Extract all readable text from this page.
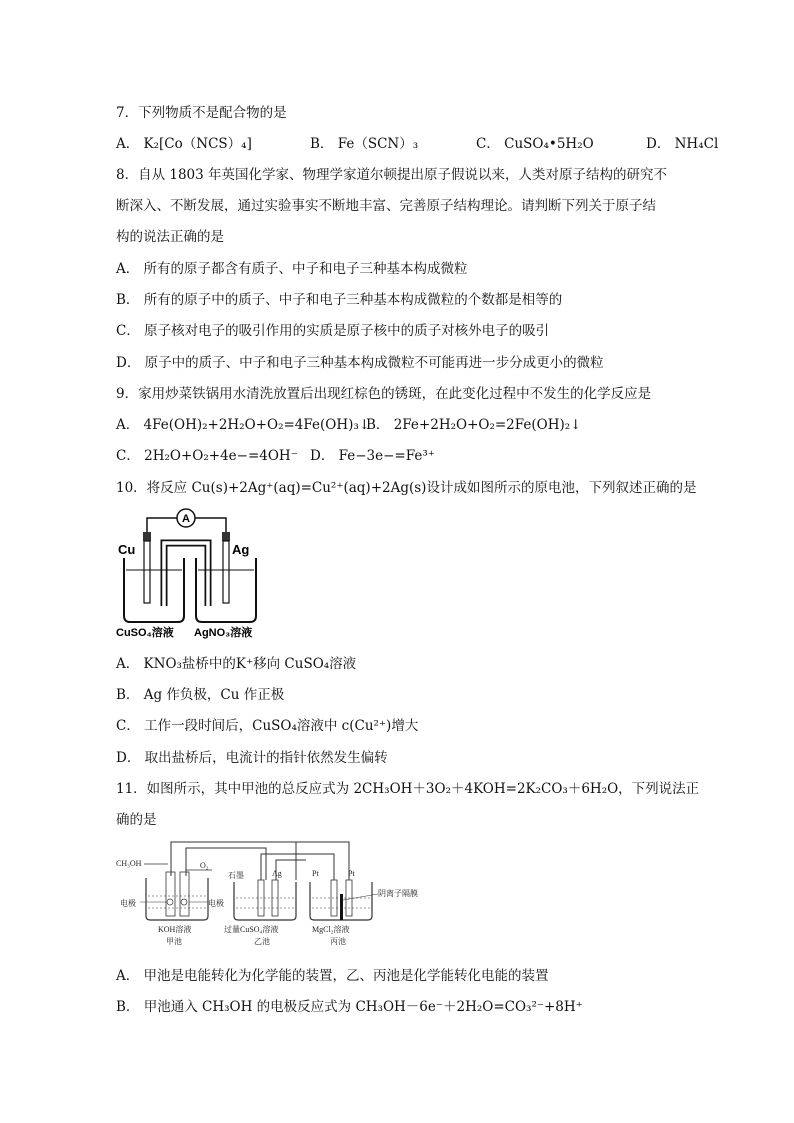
7．下列物质不是配合物的是
A． K₂[Co（NCS）₄]	B． Fe（SCN）₃	C． CuSO₄•5H₂O	D． NH₄Cl
8．自从 1803 年英国化学家、物理学家道尔顿提出原子假说以来，人类对原子结构的研究不
断深入、不断发展，通过实验事实不断地丰富、完善原子结构理论。请判断下列关于原子结
构的说法正确的是
A． 所有的原子都含有质子、中子和电子三种基本构成微粒
B． 所有的原子中的质子、中子和电子三种基本构成微粒的个数都是相等的
C． 原子核对电子的吸引作用的实质是原子核中的质子对核外电子的吸引
D． 原子中的质子、中子和电子三种基本构成微粒不可能再进一步分成更小的微粒
9．家用炒菜铁锅用水清洗放置后出现红棕色的锈斑，在此变化过程中不发生的化学反应是
A． 4Fe(OH)₂+2H₂O+O₂=4Fe(OH)₃↓
B． 2Fe+2H₂O+O₂=2Fe(OH)₂↓
C． 2H₂O+O₂+4e−=4OH⁻ D． Fe−3e−=Fe³⁺
10．将反应 Cu(s)+2Ag⁺(aq)=Cu²⁺(aq)+2Ag(s)设计成如图所示的原电池，下列叙述正确的是
A
Cu	Ag
CuSO₄溶液 AgNO₃溶液
A． KNO₃盐桥中的K⁺移向 CuSO₄溶液
B． Ag 作负极，Cu 作正极
C． 工作一段时间后，CuSO₄溶液中 c(Cu²⁺)增大
D． 取出盐桥后，电流计的指针依然发生偏转
11．如图所示，其中甲池的总反应式为 2CH₃OH＋3O₂＋4KOH=2K₂CO₃＋6H₂O，下列说法正
确的是
CH₃OH	O₂
电极	电极
KOH溶液
甲池
石墨	Ag
过量CuSO₄溶液
乙池
Pt	Pt
阴离子隔膜
MgCl₂溶液
丙池
A． 甲池是电能转化为化学能的装置，乙、丙池是化学能转化电能的装置
B． 甲池通入 CH₃OH 的电极反应式为 CH₃OH－6e⁻＋2H₂O=CO₃²⁻+8H⁺
